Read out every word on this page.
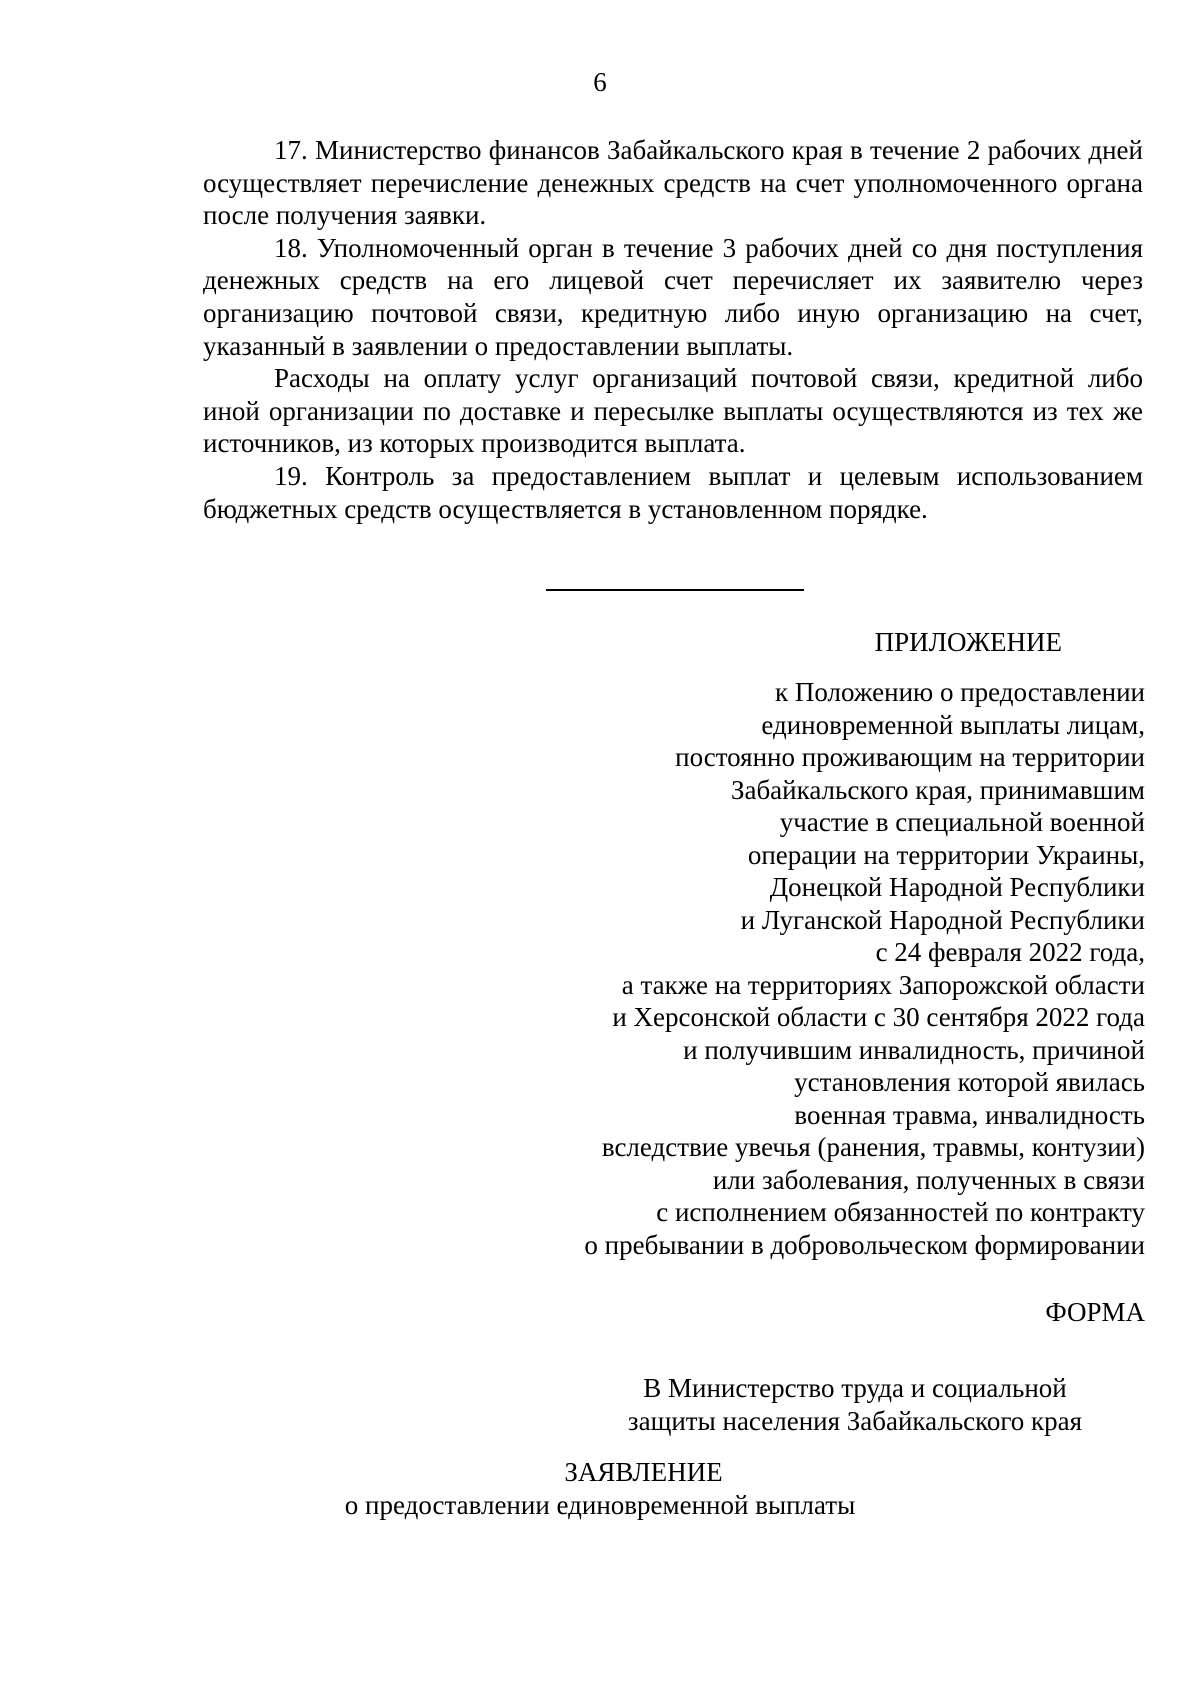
6

17. Министерство финансов Забайкальского края в течение 2 рабочих дней осуществляет перечисление денежных средств на счет уполномоченного органа после получения заявки.

18. Уполномоченный орган в течение 3 рабочих дней со дня поступления денежных средств на его лицевой счет перечисляет их заявителю через организацию почтовой связи, кредитную либо иную организацию на счет, указанный в заявлении о предоставлении выплаты.

Расходы на оплату услуг организаций почтовой связи, кредитной либо иной организации по доставке и пересылке выплаты осуществляются из тех же источников, из которых производится выплата.

19. Контроль за предоставлением выплат и целевым использованием бюджетных средств осуществляется в установленном порядке.

ПРИЛОЖЕНИЕ
к Положению о предоставлении
единовременной выплаты лицам,
постоянно проживающим на территории
Забайкальского края, принимавшим
участие в специальной военной
операции на территории Украины,
Донецкой Народной Республики
и Луганской Народной Республики
с 24 февраля 2022 года,
а также на территориях Запорожской области
и Херсонской области с 30 сентября 2022 года
и получившим инвалидность, причиной
установления которой явилась
военная травма, инвалидность
вследствие увечья (ранения, травмы, контузии)
или заболевания, полученных в связи
с исполнением обязанностей по контракту
о пребывании в добровольческом формировании
ФОРМА
В Министерство труда и социальной
защиты населения Забайкальского края
ЗАЯВЛЕНИЕ
о предоставлении единовременной выплаты
